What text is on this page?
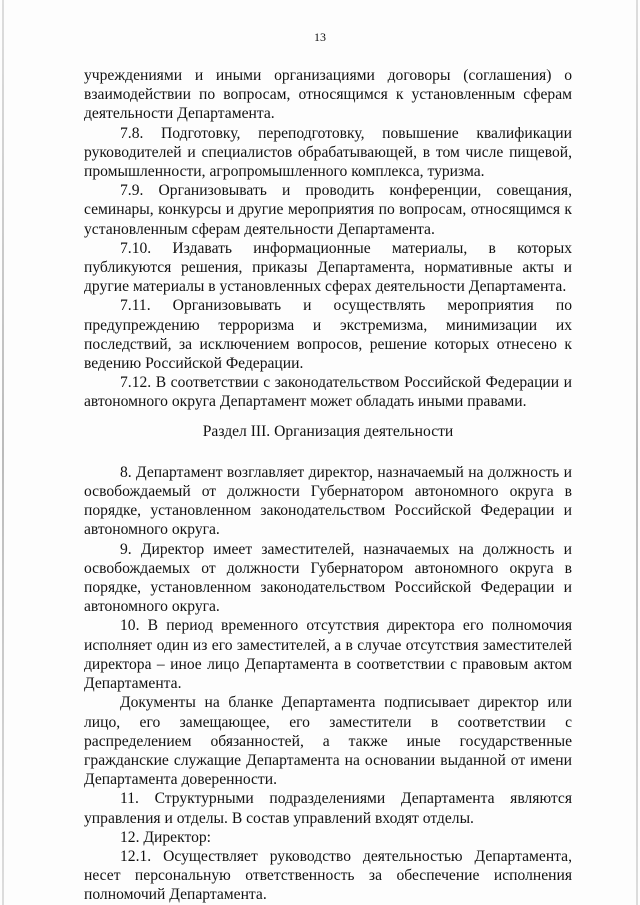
13

учреждениями и иными организациями договоры (соглашения) о взаимодействии по вопросам, относящимся к установленным сферам деятельности Департамента.

7.8. Подготовку, переподготовку, повышение квалификации руководителей и специалистов обрабатывающей, в том числе пищевой, промышленности, агропромышленного комплекса, туризма.

7.9. Организовывать и проводить конференции, совещания, семинары, конкурсы и другие мероприятия по вопросам, относящимся к установленным сферам деятельности Департамента.

7.10. Издавать информационные материалы, в которых публикуются решения, приказы Департамента, нормативные акты и другие материалы в установленных сферах деятельности Департамента.

7.11. Организовывать и осуществлять мероприятия по предупреждению терроризма и экстремизма, минимизации их последствий, за исключением вопросов, решение которых отнесено к ведению Российской Федерации.

7.12. В соответствии с законодательством Российской Федерации и автономного округа Департамент может обладать иными правами.

Раздел III. Организация деятельности

8. Департамент возглавляет директор, назначаемый на должность и освобождаемый от должности Губернатором автономного округа в порядке, установленном законодательством Российской Федерации и автономного округа.

9. Директор имеет заместителей, назначаемых на должность и освобождаемых от должности Губернатором автономного округа в порядке, установленном законодательством Российской Федерации и автономного округа.

10. В период временного отсутствия директора его полномочия исполняет один из его заместителей, а в случае отсутствия заместителей директора – иное лицо Департамента в соответствии с правовым актом Департамента.

Документы на бланке Департамента подписывает директор или лицо, его замещающее, его заместители в соответствии с распределением обязанностей, а также иные государственные гражданские служащие Департамента на основании выданной от имени Департамента доверенности.

11. Структурными подразделениями Департамента являются управления и отделы. В состав управлений входят отделы.

12. Директор:

12.1. Осуществляет руководство деятельностью Департамента, несет персональную ответственность за обеспечение исполнения полномочий Департамента.
